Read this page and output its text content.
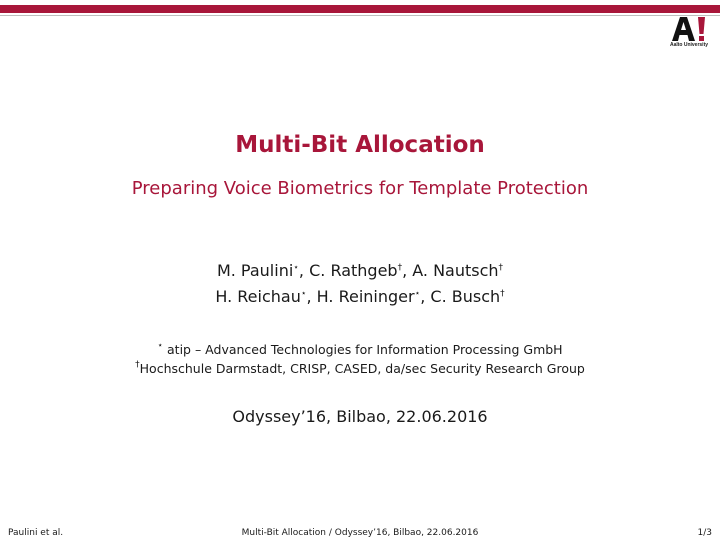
Aalto University
Multi-Bit Allocation
Preparing Voice Biometrics for Template Protection
M. Paulini⋆, C. Rathgeb†, A. Nautsch†
H. Reichau⋆, H. Reininger⋆, C. Busch†
⋆ atip – Advanced Technologies for Information Processing GmbH
†Hochschule Darmstadt, CRISP, CASED, da/sec Security Research Group
Odyssey’16, Bilbao, 22.06.2016
Paulini et al.	Multi-Bit Allocation / Odyssey’16, Bilbao, 22.06.2016	1/3
